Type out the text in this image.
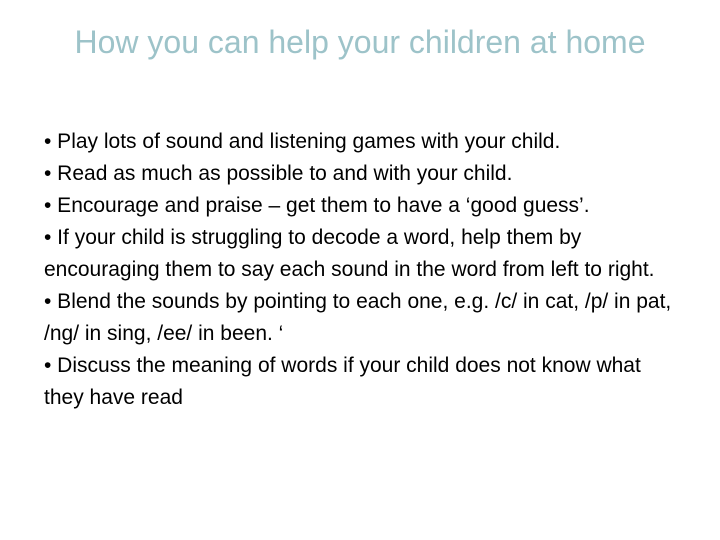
How you can help your children at home
• Play lots of sound and listening games with your child.
• Read as much as possible to and with your child.
• Encourage and praise – get them to have a ‘good guess’.
• If your child is struggling to decode a word, help them by encouraging them to say each sound in the word from left to right.
• Blend the sounds by pointing to each one, e.g. /c/ in cat, /p/ in pat, /ng/ in sing, /ee/ in been. ‘
• Discuss the meaning of words if your child does not know what they have read
